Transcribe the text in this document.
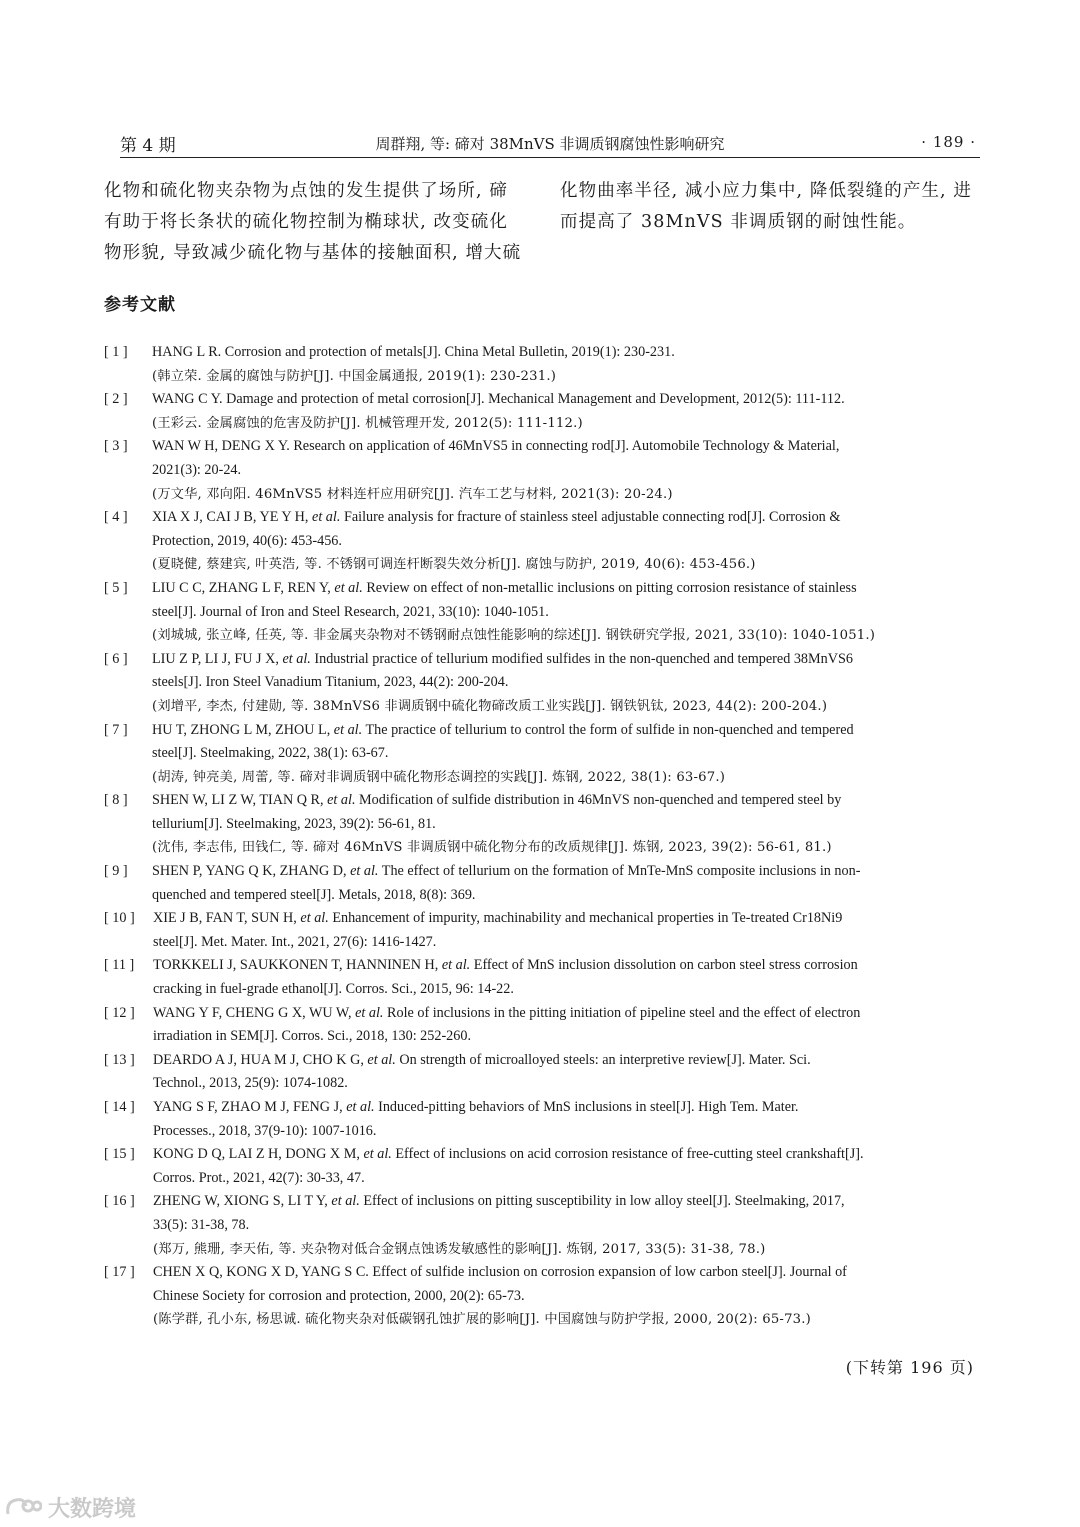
第 4 期	周群翔, 等: 碲对 38MnVS 非调质钢腐蚀性影响研究	· 189 ·
化物和硫化物夹杂物为点蚀的发生提供了场所, 碲
有助于将长条状的硫化物控制为椭球状, 改变硫化
物形貌, 导致减少硫化物与基体的接触面积, 增大硫
化物曲率半径, 减小应力集中, 降低裂缝的产生, 进
而提高了 38MnVS 非调质钢的耐蚀性能。
参考文献
[ 1 ] HANG L R. Corrosion and protection of metals[J]. China Metal Bulletin, 2019(1): 230-231.
(韩立荣. 金属的腐蚀与防护[J]. 中国金属通报, 2019(1): 230-231.)
[ 2 ] WANG C Y. Damage and protection of metal corrosion[J]. Mechanical Management and Development, 2012(5): 111-112.
(王彩云. 金属腐蚀的危害及防护[J]. 机械管理开发, 2012(5): 111-112.)
[ 3 ] WAN W H, DENG X Y. Research on application of 46MnVS5 in connecting rod[J]. Automobile Technology & Material,
2021(3): 20-24.
(万文华, 邓向阳. 46MnVS5 材料连杆应用研究[J]. 汽车工艺与材料, 2021(3): 20-24.)
[ 4 ] XIA X J, CAI J B, YE Y H, et al. Failure analysis for fracture of stainless steel adjustable connecting rod[J]. Corrosion &
Protection, 2019, 40(6): 453-456.
(夏晓健, 蔡建宾, 叶英浩, 等. 不锈钢可调连杆断裂失效分析[J]. 腐蚀与防护, 2019, 40(6): 453-456.)
[ 5 ] LIU C C, ZHANG L F, REN Y, et al. Review on effect of non-metallic inclusions on pitting corrosion resistance of stainless
steel[J]. Journal of Iron and Steel Research, 2021, 33(10): 1040-1051.
(刘城城, 张立峰, 任英, 等. 非金属夹杂物对不锈钢耐点蚀性能影响的综述[J]. 钢铁研究学报, 2021, 33(10): 1040-1051.)
[ 6 ] LIU Z P, LI J, FU J X, et al. Industrial practice of tellurium modified sulfides in the non-quenched and tempered 38MnVS6
steels[J]. Iron Steel Vanadium Titanium, 2023, 44(2): 200-204.
(刘增平, 李杰, 付建勋, 等. 38MnVS6 非调质钢中硫化物碲改质工业实践[J]. 钢铁钒钛, 2023, 44(2): 200-204.)
[ 7 ] HU T, ZHONG L M, ZHOU L, et al. The practice of tellurium to control the form of sulfide in non-quenched and tempered
steel[J]. Steelmaking, 2022, 38(1): 63-67.
(胡涛, 钟亮美, 周蕾, 等. 碲对非调质钢中硫化物形态调控的实践[J]. 炼钢, 2022, 38(1): 63-67.)
[ 8 ] SHEN W, LI Z W, TIAN Q R, et al. Modification of sulfide distribution in 46MnVS non-quenched and tempered steel by
tellurium[J]. Steelmaking, 2023, 39(2): 56-61, 81.
(沈伟, 李志伟, 田钱仁, 等. 碲对 46MnVS 非调质钢中硫化物分布的改质规律[J]. 炼钢, 2023, 39(2): 56-61, 81.)
[ 9 ] SHEN P, YANG Q K, ZHANG D, et al. The effect of tellurium on the formation of MnTe-MnS composite inclusions in non-
quenched and tempered steel[J]. Metals, 2018, 8(8): 369.
[ 10 ] XIE J B, FAN T, SUN H, et al. Enhancement of impurity, machinability and mechanical properties in Te-treated Cr18Ni9
steel[J]. Met. Mater. Int., 2021, 27(6): 1416-1427.
[ 11 ] TORKKELI J, SAUKKONEN T, HANNINEN H, et al. Effect of MnS inclusion dissolution on carbon steel stress corrosion
cracking in fuel-grade ethanol[J]. Corros. Sci., 2015, 96: 14-22.
[ 12 ] WANG Y F, CHENG G X, WU W, et al. Role of inclusions in the pitting initiation of pipeline steel and the effect of electron
irradiation in SEM[J]. Corros. Sci., 2018, 130: 252-260.
[ 13 ] DEARDO A J, HUA M J, CHO K G, et al. On strength of microalloyed steels: an interpretive review[J]. Mater. Sci.
Technol., 2013, 25(9): 1074-1082.
[ 14 ] YANG S F, ZHAO M J, FENG J, et al. Induced-pitting behaviors of MnS inclusions in steel[J]. High Tem. Mater.
Processes., 2018, 37(9-10): 1007-1016.
[ 15 ] KONG D Q, LAI Z H, DONG X M, et al. Effect of inclusions on acid corrosion resistance of free-cutting steel crankshaft[J].
Corros. Prot., 2021, 42(7): 30-33, 47.
[ 16 ] ZHENG W, XIONG S, LI T Y, et al. Effect of inclusions on pitting susceptibility in low alloy steel[J]. Steelmaking, 2017,
33(5): 31-38, 78.
(郑万, 熊珊, 李天佑, 等. 夹杂物对低合金钢点蚀诱发敏感性的影响[J]. 炼钢, 2017, 33(5): 31-38, 78.)
[ 17 ] CHEN X Q, KONG X D, YANG S C. Effect of sulfide inclusion on corrosion expansion of low carbon steel[J]. Journal of
Chinese Society for corrosion and protection, 2000, 20(2): 65-73.
(陈学群, 孔小东, 杨思诚. 硫化物夹杂对低碳钢孔蚀扩展的影响[J]. 中国腐蚀与防护学报, 2000, 20(2): 65-73.)
(下转第 196 页)
大数跨境
